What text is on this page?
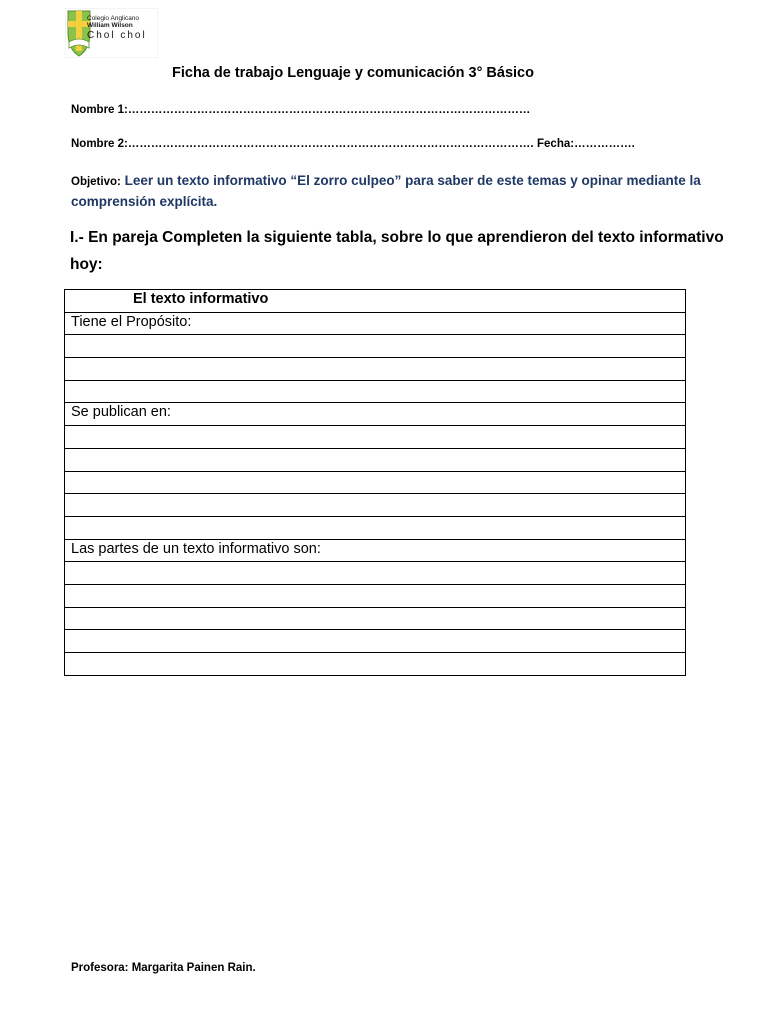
Colegio Anglicano
William Wilson
Chol chol
Ficha de trabajo Lenguaje y comunicación 3° Básico
Nombre 1:……………………………………………………………………………………………
Nombre 2:……………………………………………………………………………………………. Fecha:…………….
Objetivo: Leer un texto informativo “El zorro culpeo” para saber de este temas y opinar mediante la comprensión explícita.
I.- En pareja Completen la siguiente tabla, sobre lo que aprendieron del texto informativo hoy:
El texto informativo
Tiene el Propósito:

Se publican en:

Las partes de un texto informativo son:

Profesora: Margarita Painen Rain.
